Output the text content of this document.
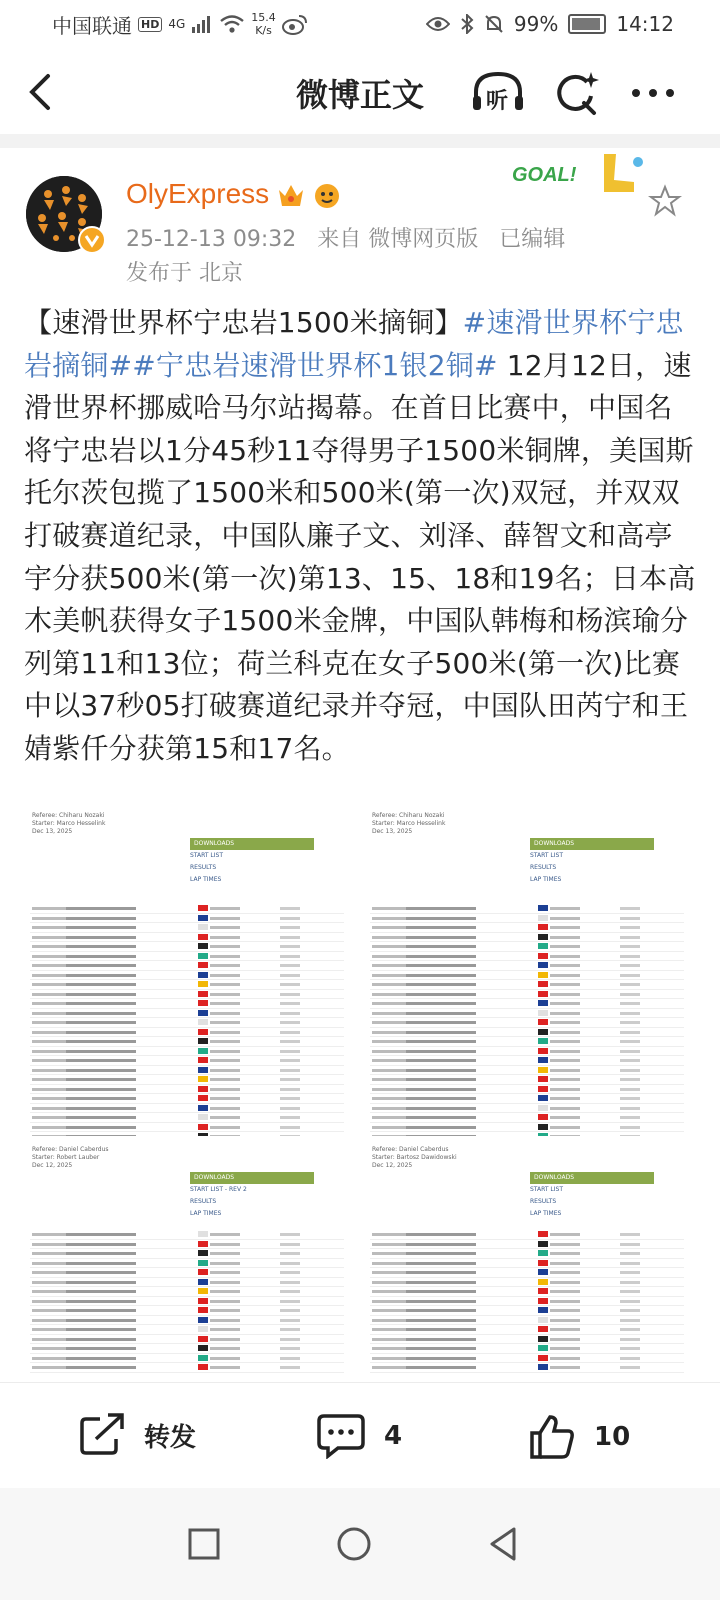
中国联通 HD 4G	15.4
K/s	99%	14:12
微博正文	听
OlyExpress
GOAL!
25-12-13 09:32 来自 微博网页版 已编辑
发布于 北京
【速滑世界杯宁忠岩1500米摘铜】#速滑世界杯宁忠岩摘铜##宁忠岩速滑世界杯1银2铜# 12月12日，速滑世界杯挪威哈马尔站揭幕。在首日比赛中，中国名将宁忠岩以1分45秒11夺得男子1500米铜牌，美国斯托尔茨包揽了1500米和500米(第一次)双冠，并双双打破赛道纪录，中国队廉子文、刘泽、薛智文和高亭宇分获500米(第一次)第13、15、18和19名；日本高木美帆获得女子1500米金牌，中国队韩梅和杨滨瑜分列第11和13位；荷兰科克在女子500米(第一次)比赛中以37秒05打破赛道纪录并夺冠，中国队田芮宁和王婧紫仟分获第15和17名。
Referee: Chiharu Nozaki
Starter: Marco Hesselink
Dec 13, 2025
DOWNLOADS
START LIST
RESULTS
LAP TIMES
Referee: Chiharu Nozaki
Starter: Marco Hesselink
Dec 13, 2025
DOWNLOADS
START LIST
RESULTS
LAP TIMES
Referee: Daniel Caberdus
Starter: Robert Lauber
Dec 12, 2025
DOWNLOADS
START LIST - REV 2
RESULTS
LAP TIMES
Referee: Daniel Caberdus
Starter: Bartosz Dawidowski
Dec 12, 2025
DOWNLOADS
START LIST
RESULTS
LAP TIMES
转发	4	10
